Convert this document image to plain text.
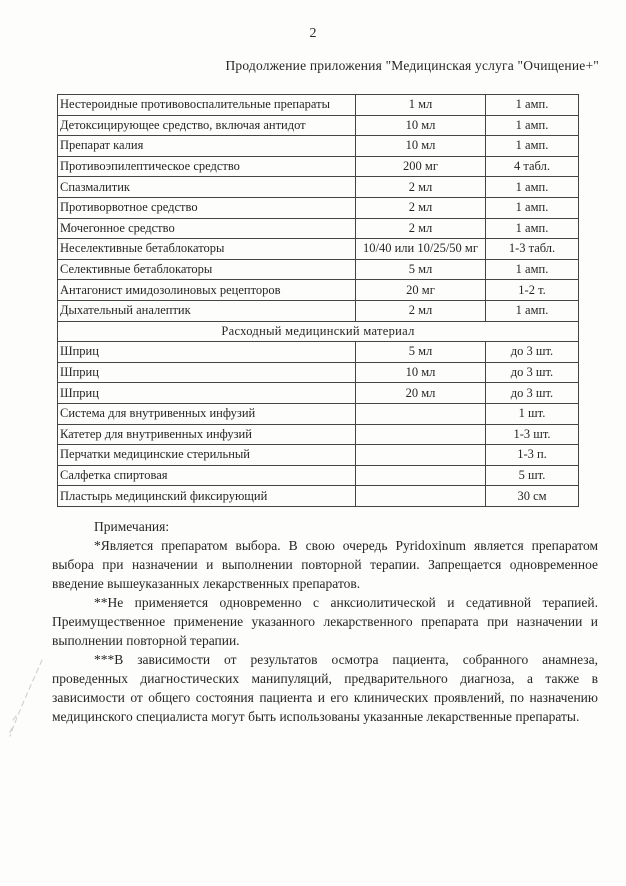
2
Продолжение приложения "Медицинская услуга "Очищение+"
Нестероидные противовоспалительные препараты	1 мл	1 амп.
Детоксицирующее средство, включая антидот	10 мл	1 амп.
Препарат калия	10 мл	1 амп.
Противоэпилептическое средство	200 мг	4 табл.
Спазмалитик	2 мл	1 амп.
Противорвотное средство	2 мл	1 амп.
Мочегонное средство	2 мл	1 амп.
Неселективные бетаблокаторы	10/40 или 10/25/50 мг	1-3 табл.
Селективные бетаблокаторы	5 мл	1 амп.
Антагонист имидозолиновых рецепторов	20 мг	1-2 т.
Дыхательный аналептик	2 мл	1 амп.
Расходный медицинский материал		
Шприц	5 мл	до 3 шт.
Шприц	10 мл	до 3 шт.
Шприц	20 мл	до 3 шт.
Система для внутривенных инфузий		1 шт.
Катетер для внутривенных инфузий		1-3 шт.
Перчатки медицинские стерильный		1-3 п.
Салфетка спиртовая		5 шт.
Пластырь медицинский фиксирующий		30 см

Примечания:

*Является препаратом выбора. В свою очередь Pyridoxinum является препаратом выбора при назначении и выполнении повторной терапии. Запрещается одновременное введение вышеуказанных лекарственных препаратов.

**Не применяется одновременно с анксиолитической и седативной терапией. Преимущественное применение указанного лекарственного препарата при назначении и выполнении повторной терапии.

***В зависимости от результатов осмотра пациента, собранного анамнеза, проведенных диагностических манипуляций, предварительного диагноза, а также в зависимости от общего состояния пациента и его клинических проявлений, по назначению медицинского специалиста могут быть использованы указанные лекарственные препараты.
